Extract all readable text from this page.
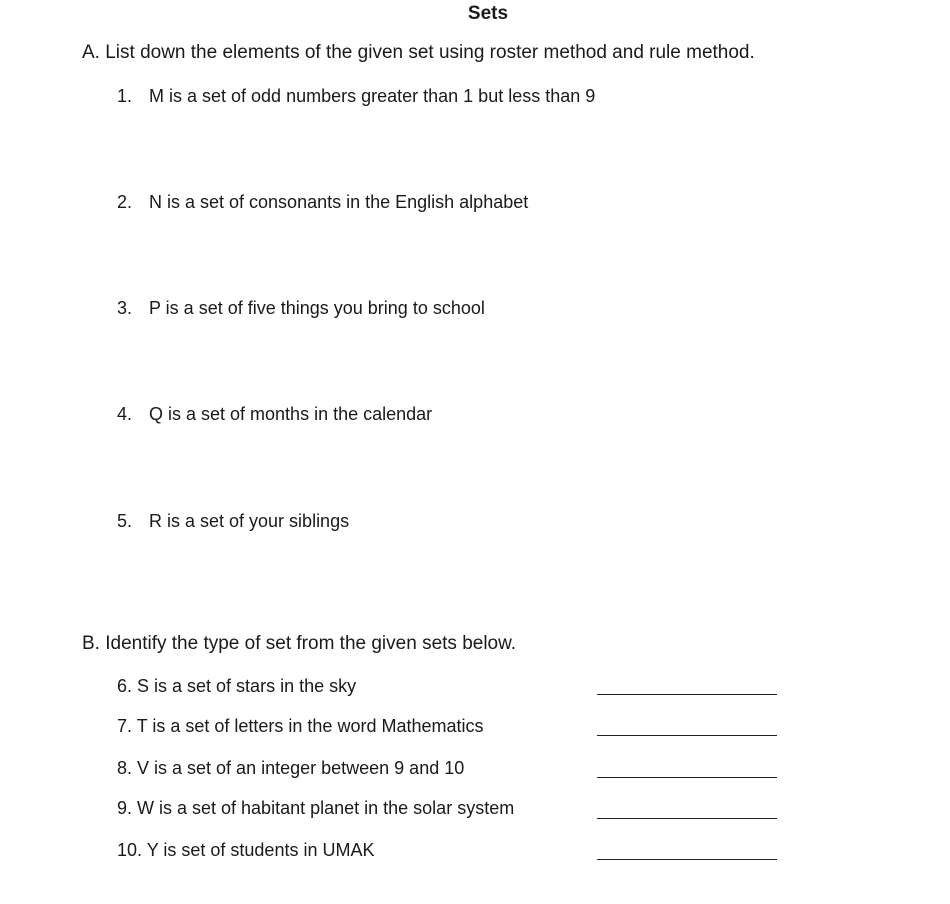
Sets
A. List down the elements of the given set using roster method and rule method.
1. M is a set of odd numbers greater than 1 but less than 9
2. N is a set of consonants in the English alphabet
3. P is a set of five things you bring to school
4. Q is a set of months in the calendar
5. R is a set of your siblings
B. Identify the type of set from the given sets below.
6. S is a set of stars in the sky
7. T is a set of letters in the word Mathematics
8. V is a set of an integer between 9 and 10
9. W is a set of habitant planet in the solar system
10. Y is set of students in UMAK
